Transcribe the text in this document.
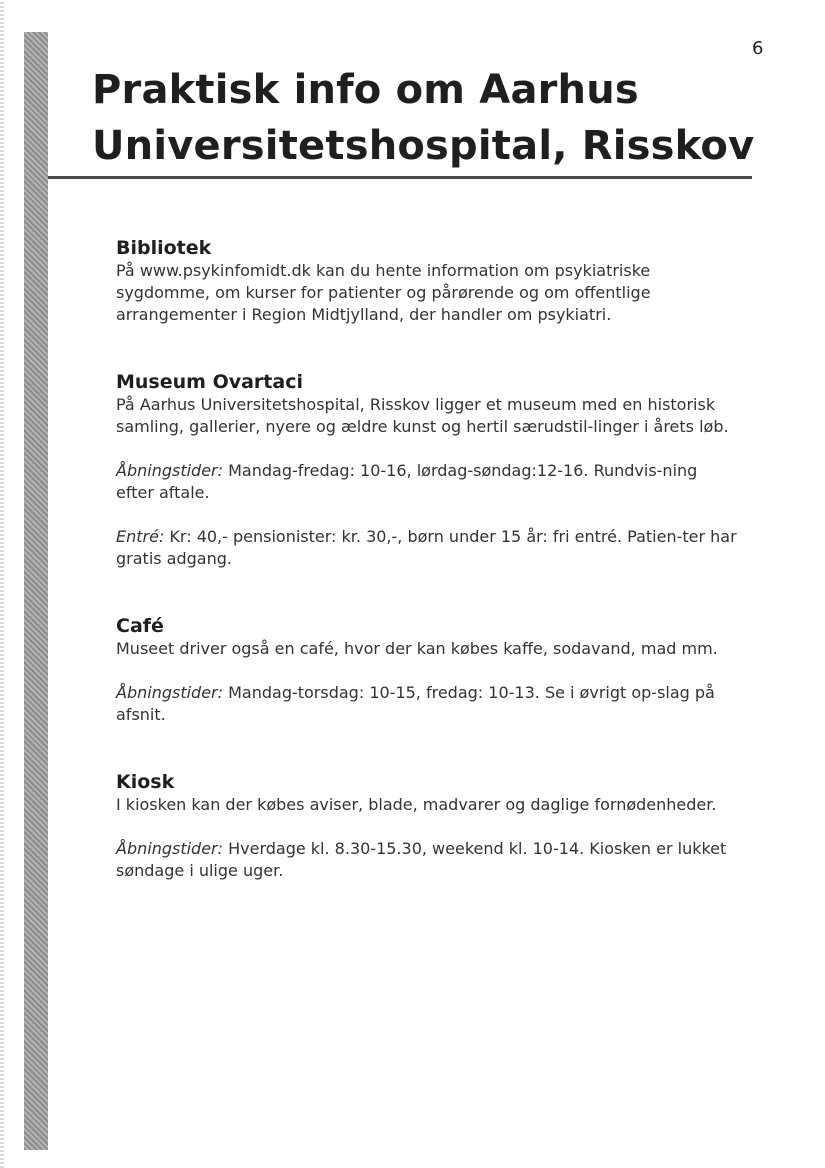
6
Praktisk info om Aarhus
Universitetshospital, Risskov
Bibliotek

På www.psykinfomidt.dk kan du hente information om psykiatriske sygdomme, om kurser for patienter og pårørende og om offentlige arrangementer i Region Midtjylland, der handler om psykiatri.

Museum Ovartaci

På Aarhus Universitetshospital, Risskov ligger et museum med en historisk samling, gallerier, nyere og ældre kunst og hertil særudstil-linger i årets løb.

Åbningstider: Mandag-fredag: 10-16, lørdag-søndag:12-16. Rundvis-ning efter aftale.

Entré: Kr: 40,- pensionister: kr. 30,-, børn under 15 år: fri entré. Patien-ter har gratis adgang.

Café

Museet driver også en café, hvor der kan købes kaffe, sodavand, mad mm.

Åbningstider: Mandag-torsdag: 10-15, fredag: 10-13. Se i øvrigt op-slag på afsnit.

Kiosk

I kiosken kan der købes aviser, blade, madvarer og daglige fornødenheder.

Åbningstider: Hverdage kl. 8.30-15.30, weekend kl. 10-14. Kiosken er lukket søndage i ulige uger.
